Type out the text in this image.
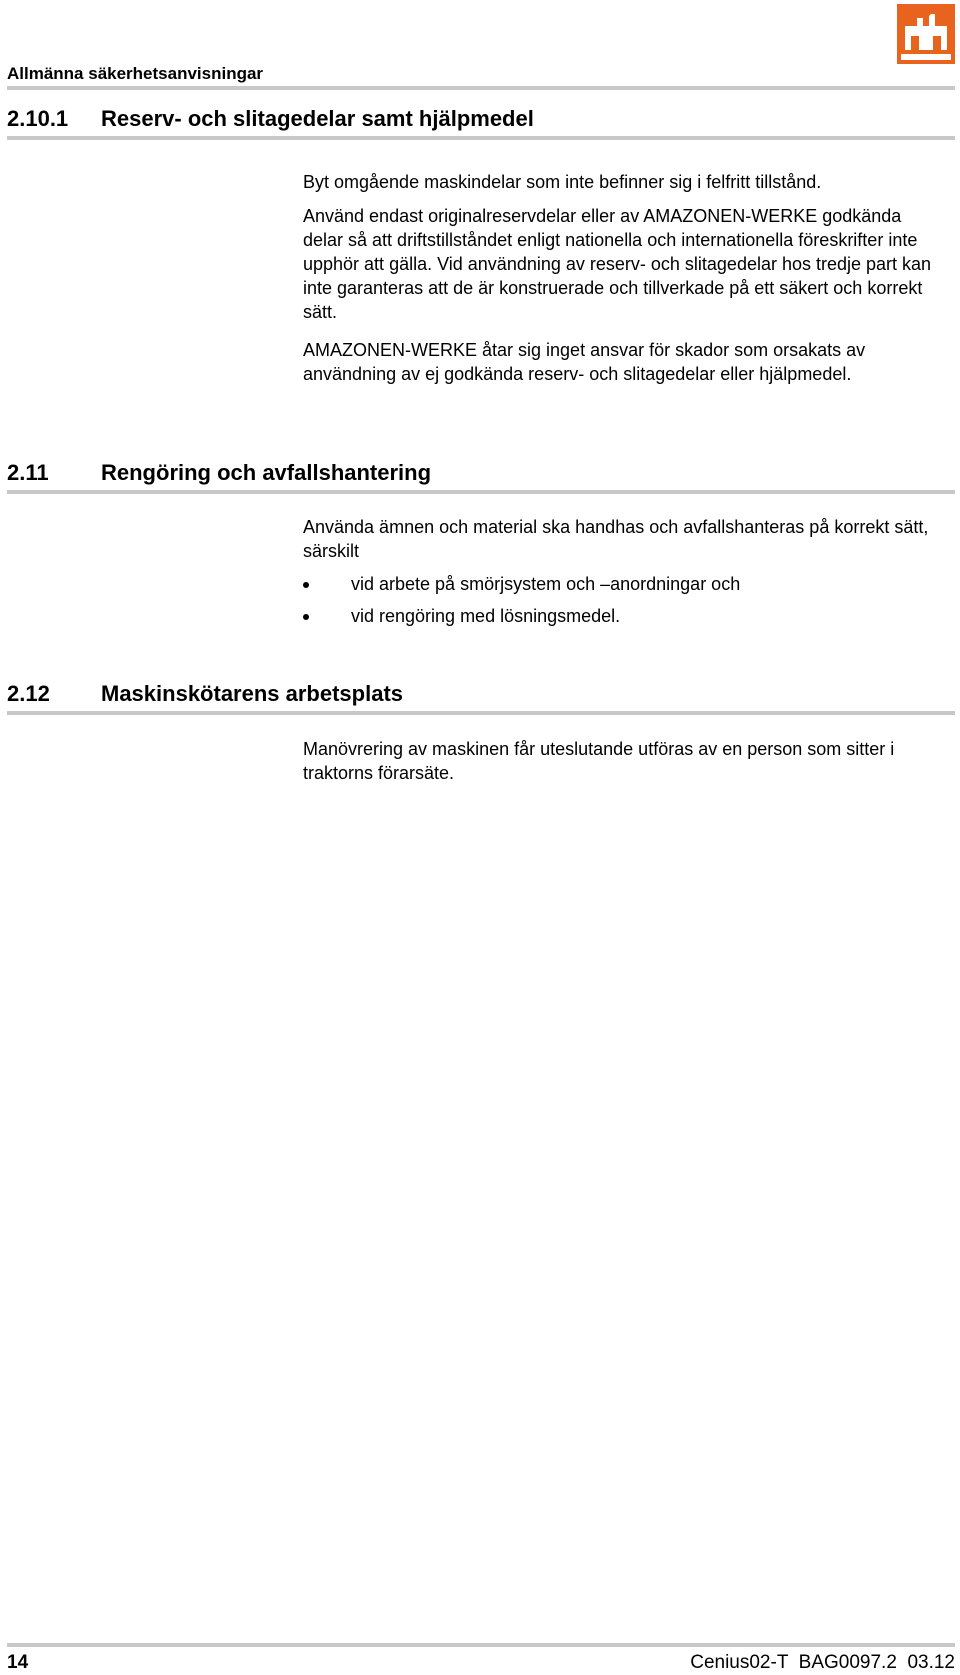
Allmänna säkerhetsanvisningar
2.10.1 Reserv- och slitagedelar samt hjälpmedel

Byt omgående maskindelar som inte befinner sig i felfritt tillstånd.

Använd endast originalreservdelar eller av AMAZONEN-WERKE godkända delar så att driftstillståndet enligt nationella och internationella föreskrifter inte upphör att gälla. Vid användning av reserv- och slitagedelar hos tredje part kan inte garanteras att de är konstruerade och tillverkade på ett säkert och korrekt sätt.

AMAZONEN-WERKE åtar sig inget ansvar för skador som orsakats av användning av ej godkända reserv- och slitagedelar eller hjälpmedel.

2.11 Rengöring och avfallshantering

Använda ämnen och material ska handhas och avfallshanteras på korrekt sätt, särskilt

vid arbete på smörjsystem och –anordningar och
vid rengöring med lösningsmedel.
2.12 Maskinskötarens arbetsplats

Manövrering av maskinen får uteslutande utföras av en person som sitter i traktorns förarsäte.

14	Cenius02-T  BAG0097.2  03.12
